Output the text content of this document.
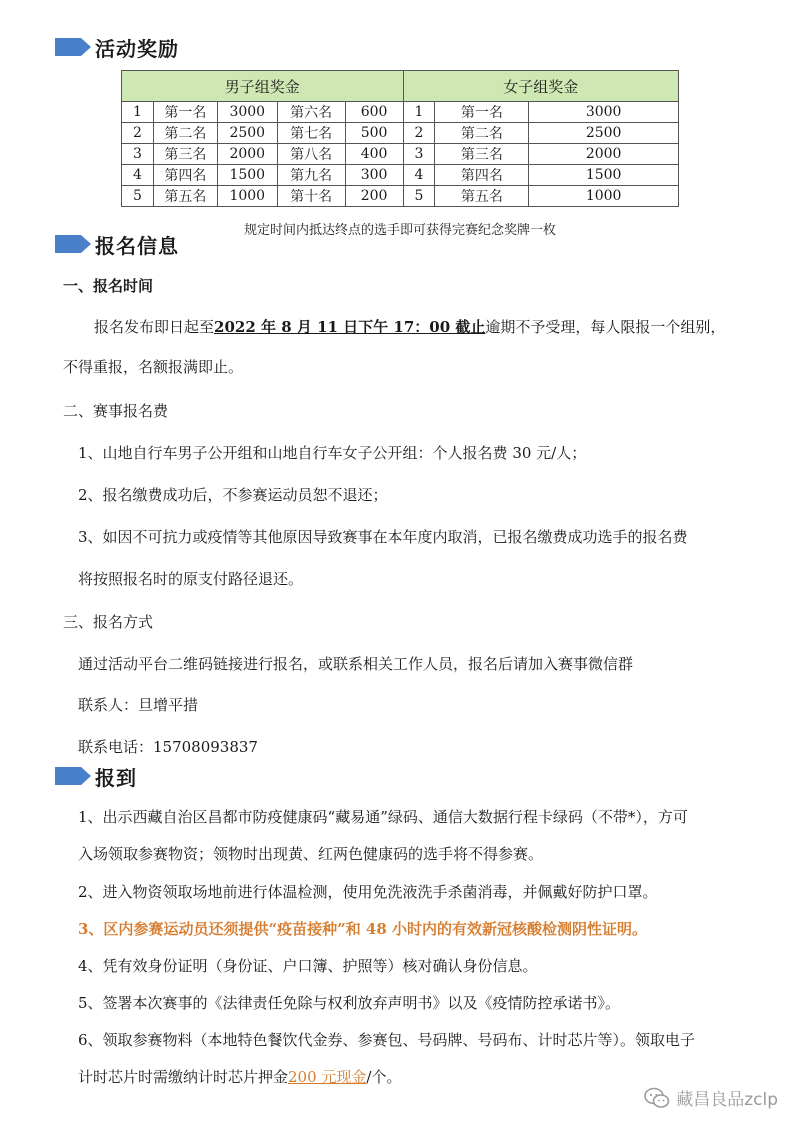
活动奖励
男子组奖金					女子组奖金		
1	第一名	3000	第六名	600	1	第一名	3000
2	第二名	2500	第七名	500	2	第二名	2500
3	第三名	2000	第八名	400	3	第三名	2000
4	第四名	1500	第九名	300	4	第四名	1500
5	第五名	1000	第十名	200	5	第五名	1000
规定时间内抵达终点的选手即可获得完赛纪念奖牌一枚
报名信息
一、报名时间
报名发布即日起至2022 年 8 月 11 日下午 17：00 截止逾期不予受理，每人限报一个组别，
不得重报，名额报满即止。
二、赛事报名费
1、山地自行车男子公开组和山地自行车女子公开组：个人报名费 30 元/人；
2、报名缴费成功后，不参赛运动员恕不退还；
3、如因不可抗力或疫情等其他原因导致赛事在本年度内取消，已报名缴费成功选手的报名费
将按照报名时的原支付路径退还。
三、报名方式
通过活动平台二维码链接进行报名，或联系相关工作人员，报名后请加入赛事微信群
联系人：旦增平措
联系电话：15708093837
报到
1、出示西藏自治区昌都市防疫健康码“藏易通”绿码、通信大数据行程卡绿码（不带*），方可
入场领取参赛物资；领物时出现黄、红两色健康码的选手将不得参赛。
2、进入物资领取场地前进行体温检测，使用免洗液洗手杀菌消毒，并佩戴好防护口罩。
3、区内参赛运动员还须提供“疫苗接种”和 48 小时内的有效新冠核酸检测阴性证明。
4、凭有效身份证明（身份证、户口簿、护照等）核对确认身份信息。
5、签署本次赛事的《法律责任免除与权利放弃声明书》以及《疫情防控承诺书》。
6、领取参赛物料（本地特色餐饮代金券、参赛包、号码牌、号码布、计时芯片等）。领取电子
计时芯片时需缴纳计时芯片押金200 元现金/个。
藏昌良品zclp
